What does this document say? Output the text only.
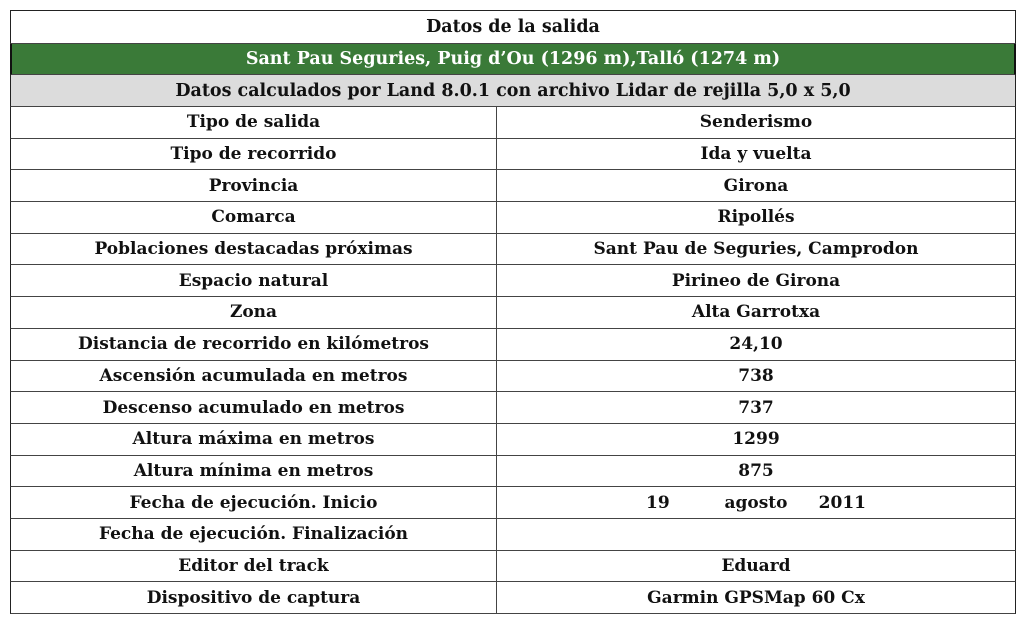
Datos de la salida
Sant Pau Seguries, Puig d’Ou (1296 m),Talló (1274 m)
Datos calculados por Land 8.0.1 con archivo Lidar de rejilla 5,0 x 5,0
Tipo de salida	Senderismo
Tipo de recorrido	Ida y vuelta
Provincia	Girona
Comarca	Ripollés
Poblaciones destacadas próximas	Sant Pau de Seguries, Camprodon
Espacio natural	Pirineo de Girona
Zona	Alta Garrotxa
Distancia de recorrido en kilómetros	24,10
Ascensión acumulada en metros	738
Descenso acumulado en metros	737
Altura máxima en metros	1299
Altura mínima en metros	875
Fecha de ejecución. Inicio	19	agosto	2011
Fecha de ejecución. Finalización
Editor del track	Eduard
Dispositivo de captura	Garmin GPSMap 60 Cx
